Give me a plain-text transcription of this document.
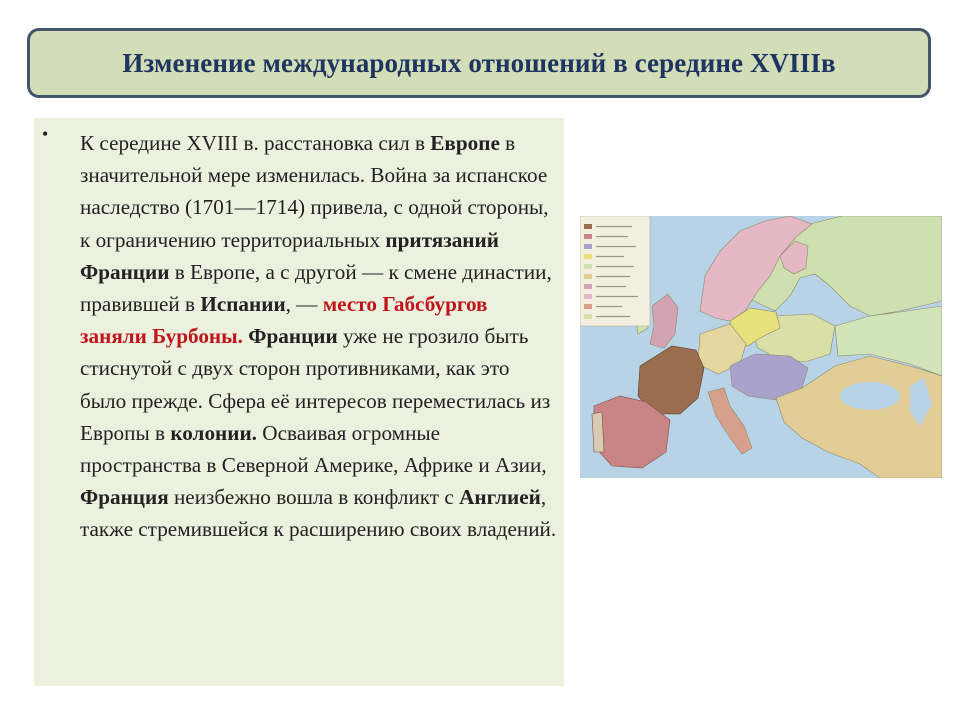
Изменение международных отношений в середине XVIIIв
• К середине XVIII в. расстановка сил в Европе в значительной мере изменилась. Война за испанское наследство (1701—1714) привела, с одной стороны, к ограничению территориальных притязаний Франции в Европе, а с другой — к смене династии, правившей в Испании, — место Габсбургов заняли Бурбоны. Франции уже не грозило быть стиснутой с двух сторон противниками, как это было прежде. Сфера её интересов переместилась из Европы в колонии. Осваивая огромные пространства в Северной Америке, Африке и Азии, Франция неизбежно вошла в конфликт с Англией, также стремившейся к расширению своих владений.
